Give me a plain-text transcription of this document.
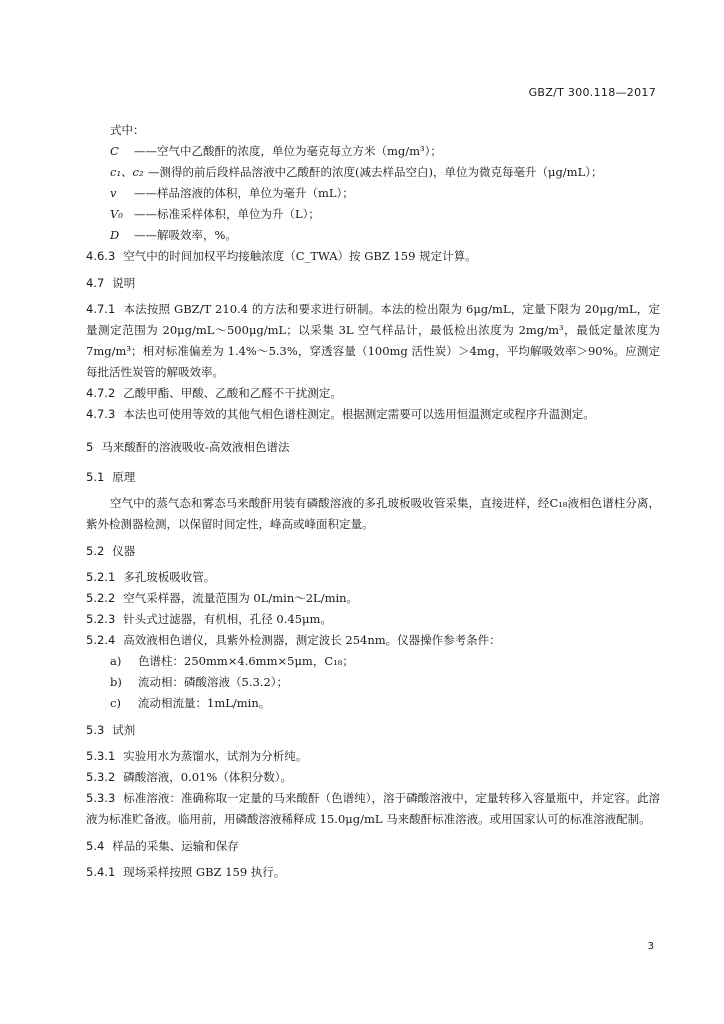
GBZ/T 300.118—2017
式中：
C ——空气中乙酸酐的浓度，单位为毫克每立方米（mg/m³）；
c₁、c₂ —测得的前后段样品溶液中乙酸酐的浓度(减去样品空白)，单位为微克每毫升（μg/mL）；
v ——样品溶液的体积，单位为毫升（mL）；
V₀ ——标准采样体积，单位为升（L）；
D ——解吸效率，%。
4.6.3 空气中的时间加权平均接触浓度（C_TWA）按 GBZ 159 规定计算。
4.7 说明
4.7.1 本法按照 GBZ/T 210.4 的方法和要求进行研制。本法的检出限为 6μg/mL，定量下限为 20μg/mL，定量测定范围为 20μg/mL～500μg/mL；以采集 3L 空气样品计，最低检出浓度为 2mg/m³，最低定量浓度为 7mg/m³；相对标准偏差为 1.4%～5.3%，穿透容量（100mg 活性炭）＞4mg，平均解吸效率＞90%。应测定每批活性炭管的解吸效率。
4.7.2 乙酸甲酯、甲酸、乙酸和乙醛不干扰测定。
4.7.3 本法也可使用等效的其他气相色谱柱测定。根据测定需要可以选用恒温测定或程序升温测定。
5 马来酸酐的溶液吸收-高效液相色谱法
5.1 原理
空气中的蒸气态和雾态马来酸酐用装有磷酸溶液的多孔玻板吸收管采集，直接进样，经C₁₈液相色谱柱分离，紫外检测器检测，以保留时间定性，峰高或峰面积定量。
5.2 仪器
5.2.1 多孔玻板吸收管。
5.2.2 空气采样器，流量范围为 0L/min～2L/min。
5.2.3 针头式过滤器，有机相，孔径 0.45μm。
5.2.4 高效液相色谱仪，具紫外检测器，测定波长 254nm。仪器操作参考条件：
a) 色谱柱：250mm×4.6mm×5μm，C₁₈；
b) 流动相：磷酸溶液（5.3.2）；
c) 流动相流量：1mL/min。
5.3 试剂
5.3.1 实验用水为蒸馏水，试剂为分析纯。
5.3.2 磷酸溶液，0.01%（体积分数）。
5.3.3 标准溶液：准确称取一定量的马来酸酐（色谱纯），溶于磷酸溶液中，定量转移入容量瓶中，并定容。此溶液为标准贮备液。临用前，用磷酸溶液稀释成 15.0μg/mL 马来酸酐标准溶液。或用国家认可的标准溶液配制。
5.4 样品的采集、运输和保存
5.4.1 现场采样按照 GBZ 159 执行。
3
